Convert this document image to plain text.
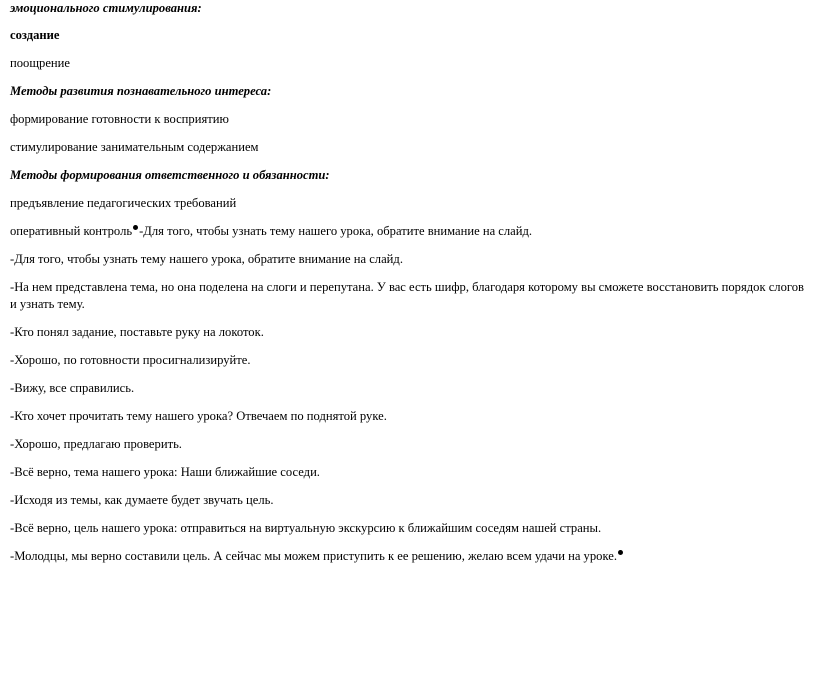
эмоционального стимулирования:
создание
поощрение
Методы развития познавательного интереса:
формирование готовности к восприятию
стимулирование занимательным содержанием
Методы формирования ответственного и обязанности:
предъявление педагогических требований
оперативный контроль -Для того, чтобы узнать тему нашего урока, обратите внимание на слайд.
-Для того, чтобы узнать тему нашего урока, обратите внимание на слайд.
-На нем представлена тема, но она поделена на слоги и перепутана. У вас есть шифр, благодаря которому вы сможете восстановить порядок слогов и узнать тему.
-Кто понял задание, поставьте руку на локоток.
-Хорошо, по готовности просигнализируйте.
-Вижу, все справились.
-Кто хочет прочитать тему нашего урока? Отвечаем по поднятой руке.
-Хорошо, предлагаю проверить.
-Всё верно, тема нашего урока: Наши ближайшие соседи.
-Исходя из темы, как думаете будет звучать цель.
-Всё верно, цель нашего урока: отправиться на виртуальную экскурсию к ближайшим соседям нашей страны.
-Молодцы, мы верно составили цель. А сейчас мы можем приступить к ее решению, желаю всем удачи на уроке.
